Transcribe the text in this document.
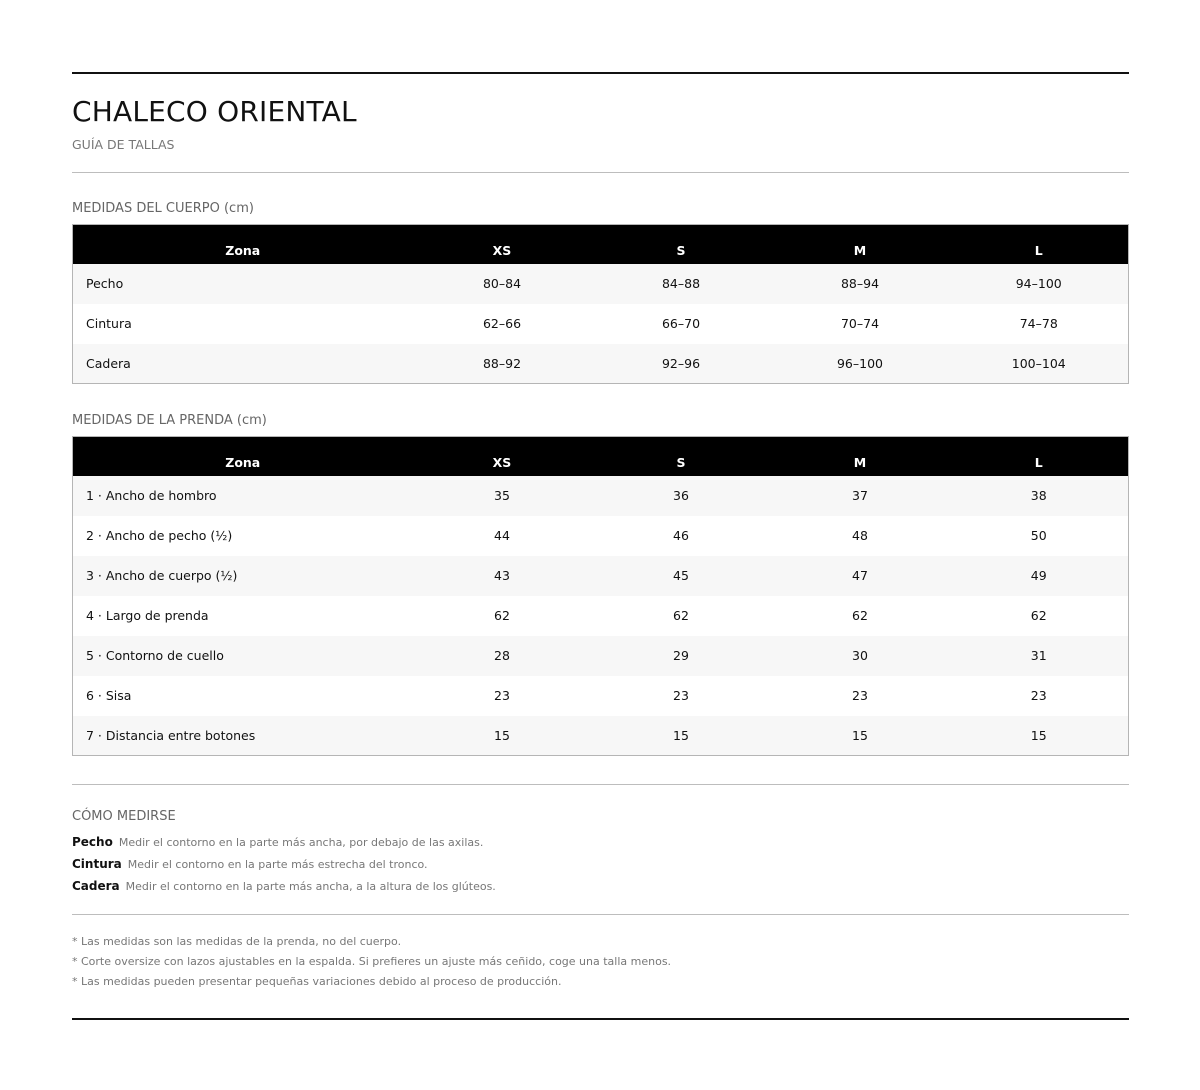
CHALECO ORIENTAL
GUÍA DE TALLAS
MEDIDAS DEL CUERPO (cm)
Zona	XS	S	M	L
Pecho	80–84	84–88	88–94	94–100
Cintura	62–66	66–70	70–74	74–78
Cadera	88–92	92–96	96–100	100–104
MEDIDAS DE LA PRENDA (cm)
Zona	XS	S	M	L
1 · Ancho de hombro	35	36	37	38
2 · Ancho de pecho (½)	44	46	48	50
3 · Ancho de cuerpo (½)	43	45	47	49
4 · Largo de prenda	62	62	62	62
5 · Contorno de cuello	28	29	30	31
6 · Sisa	23	23	23	23
7 · Distancia entre botones	15	15	15	15
CÓMO MEDIRSE
Pecho Medir el contorno en la parte más ancha, por debajo de las axilas.
Cintura Medir el contorno en la parte más estrecha del tronco.
Cadera Medir el contorno en la parte más ancha, a la altura de los glúteos.
* Las medidas son las medidas de la prenda, no del cuerpo.
* Corte oversize con lazos ajustables en la espalda. Si prefieres un ajuste más ceñido, coge una talla menos.
* Las medidas pueden presentar pequeñas variaciones debido al proceso de producción.
